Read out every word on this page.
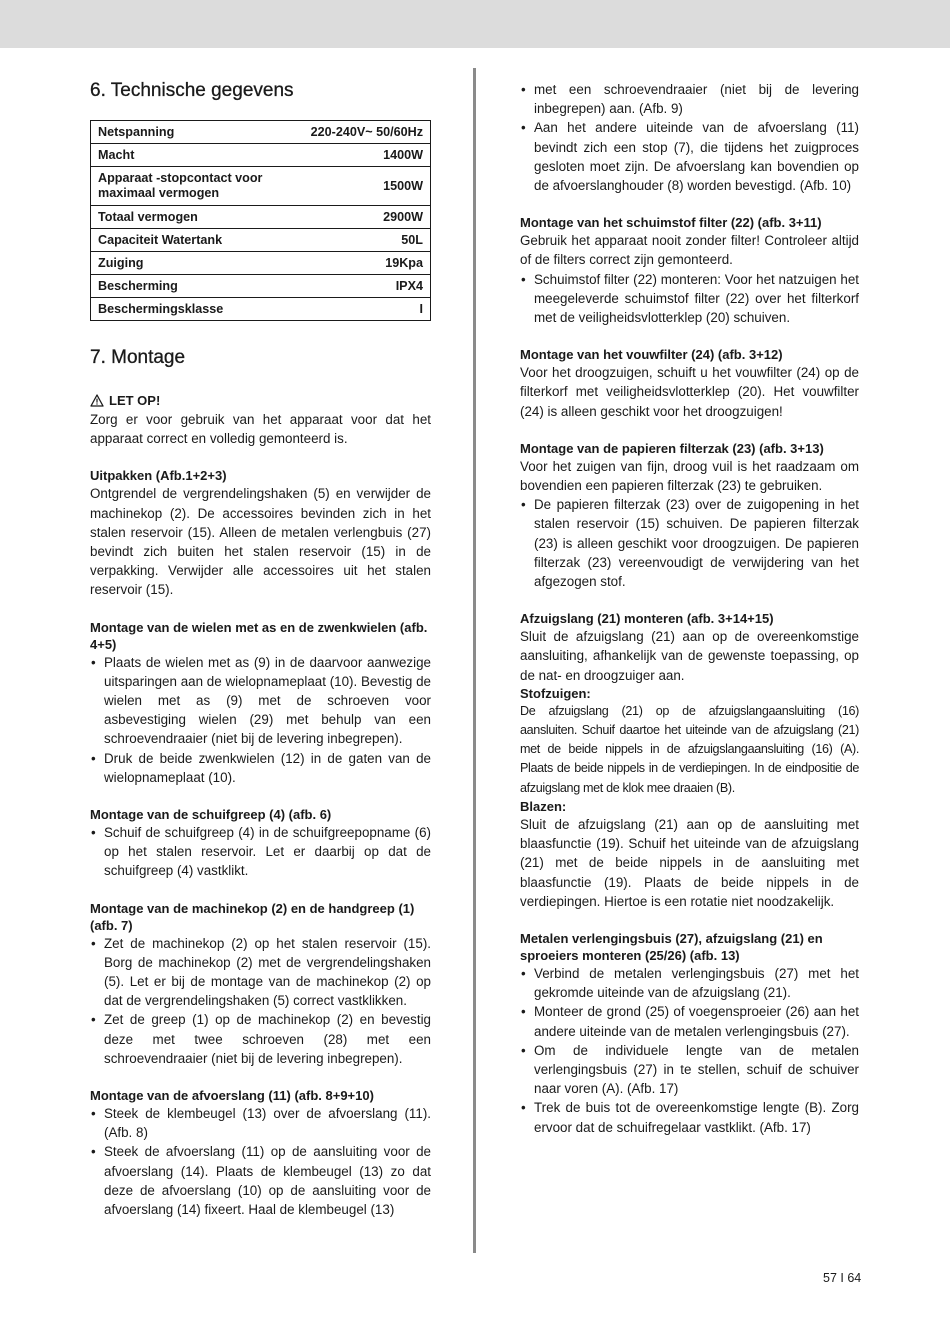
6. Technische gegevens
Netspanning	220-240V~ 50/60Hz
Macht	1400W
Apparaat -stopcontact voor maximaal vermogen	1500W
Totaal vermogen	2900W
Capaciteit Watertank	50L
Zuiging	19Kpa
Bescherming	IPX4
Beschermingsklasse	I
7. Montage
LET OP!

Zorg er voor gebruik van het apparaat voor dat het apparaat correct en volledig gemonteerd is.

Uitpakken (Afb.1+2+3)

Ontgrendel de vergrendelingshaken (5) en verwijder de machinekop (2). De accessoires bevinden zich in het stalen reservoir (15). Alleen de metalen verlengbuis (27) bevindt zich buiten het stalen reservoir (15) in de verpakking. Verwijder alle accessoires uit het stalen reservoir (15).

Montage van de wielen met as en de zwenkwielen (afb. 4+5)

• Plaats de wielen met as (9) in de daarvoor aanwezige uitsparingen aan de wielopnameplaat (10). Bevestig de wielen met as (9) met de schroeven voor asbevestiging wielen (29) met behulp van een schroevendraaier (niet bij de levering inbegrepen).
• Druk de beide zwenkwielen (12) in de gaten van de wielopnameplaat (10).

Montage van de schuifgreep (4) (afb. 6)

• Schuif de schuifgreep (4) in de schuifgreepopname (6) op het stalen reservoir. Let er daarbij op dat de schuifgreep (4) vastklikt.

Montage van de machinekop (2) en de handgreep (1) (afb. 7)

• Zet de machinekop (2) op het stalen reservoir (15). Borg de machinekop (2) met de vergrendelingshaken (5). Let er bij de montage van de machinekop (2) op dat de vergrendelingshaken (5) correct vastklikken.
• Zet de greep (1) op de machinekop (2) en bevestig deze met twee schroeven (28) met een schroevendraaier (niet bij de levering inbegrepen).

Montage van de afvoerslang (11) (afb. 8+9+10)

• Steek de klembeugel (13) over de afvoerslang (11). (Afb. 8)
• Steek de afvoerslang (11) op de aansluiting voor de afvoerslang (14). Plaats de klembeugel (13) zo dat deze de afvoerslang (10) op de aansluiting voor de afvoerslang (14) fixeert. Haal de klembeugel (13)
• met een schroevendraaier (niet bij de levering inbegrepen) aan. (Afb. 9)
• Aan het andere uiteinde van de afvoerslang (11) bevindt zich een stop (7), die tijdens het zuigproces gesloten moet zijn. De afvoerslang kan bovendien op de afvoerslanghouder (8) worden bevestigd. (Afb. 10)

Montage van het schuimstof filter (22) (afb. 3+11)

Gebruik het apparaat nooit zonder filter! Controleer altijd of de filters correct zijn gemonteerd.

• Schuimstof filter (22) monteren: Voor het natzuigen het meegeleverde schuimstof filter (22) over het filterkorf met de veiligheidsvlotterklep (20) schuiven.

Montage van het vouwfilter (24) (afb. 3+12)

Voor het droogzuigen, schuift u het vouwfilter (24) op de filterkorf met veiligheidsvlotterklep (20). Het vouwfilter (24) is alleen geschikt voor het droogzuigen!

Montage van de papieren filterzak (23) (afb. 3+13)

Voor het zuigen van fijn, droog vuil is het raadzaam om bovendien een papieren filterzak (23) te gebruiken.

• De papieren filterzak (23) over de zuigopening in het stalen reservoir (15) schuiven. De papieren filterzak (23) is alleen geschikt voor droogzuigen. De papieren filterzak (23) vereenvoudigt de verwijdering van het afgezogen stof.

Afzuigslang (21) monteren (afb. 3+14+15)

Sluit de afzuigslang (21) aan op de overeenkomstige aansluiting, afhankelijk van de gewenste toepassing, op de nat- en droogzuiger aan.

Stofzuigen:

De afzuigslang (21) op de afzuigslangaansluiting (16) aansluiten. Schuif daartoe het uiteinde van de afzuigslang (21) met de beide nippels in de afzuigslangaansluiting (16) (A). Plaats de beide nippels in de verdiepingen. In de eindpositie de afzuigslang met de klok mee draaien (B).

Blazen:

Sluit de afzuigslang (21) aan op de aansluiting met blaasfunctie (19). Schuif het uiteinde van de afzuigslang (21) met de beide nippels in de aansluiting met blaasfunctie (19). Plaats de beide nippels in de verdiepingen. Hiertoe is een rotatie niet noodzakelijk.

Metalen verlengingsbuis (27), afzuigslang (21) en sproeiers monteren (25/26) (afb. 13)

• Verbind de metalen verlengingsbuis (27) met het gekromde uiteinde van de afzuigslang (21).
• Monteer de grond (25) of voegensproeier (26) aan het andere uiteinde van de metalen verlengingsbuis (27).
• Om de individuele lengte van de metalen verlengingsbuis (27) in te stellen, schuif de schuiver naar voren (A). (Afb. 17)
• Trek de buis tot de overeenkomstige lengte (B). Zorg ervoor dat de schuifregelaar vastklikt. (Afb. 17)
57 I 64
